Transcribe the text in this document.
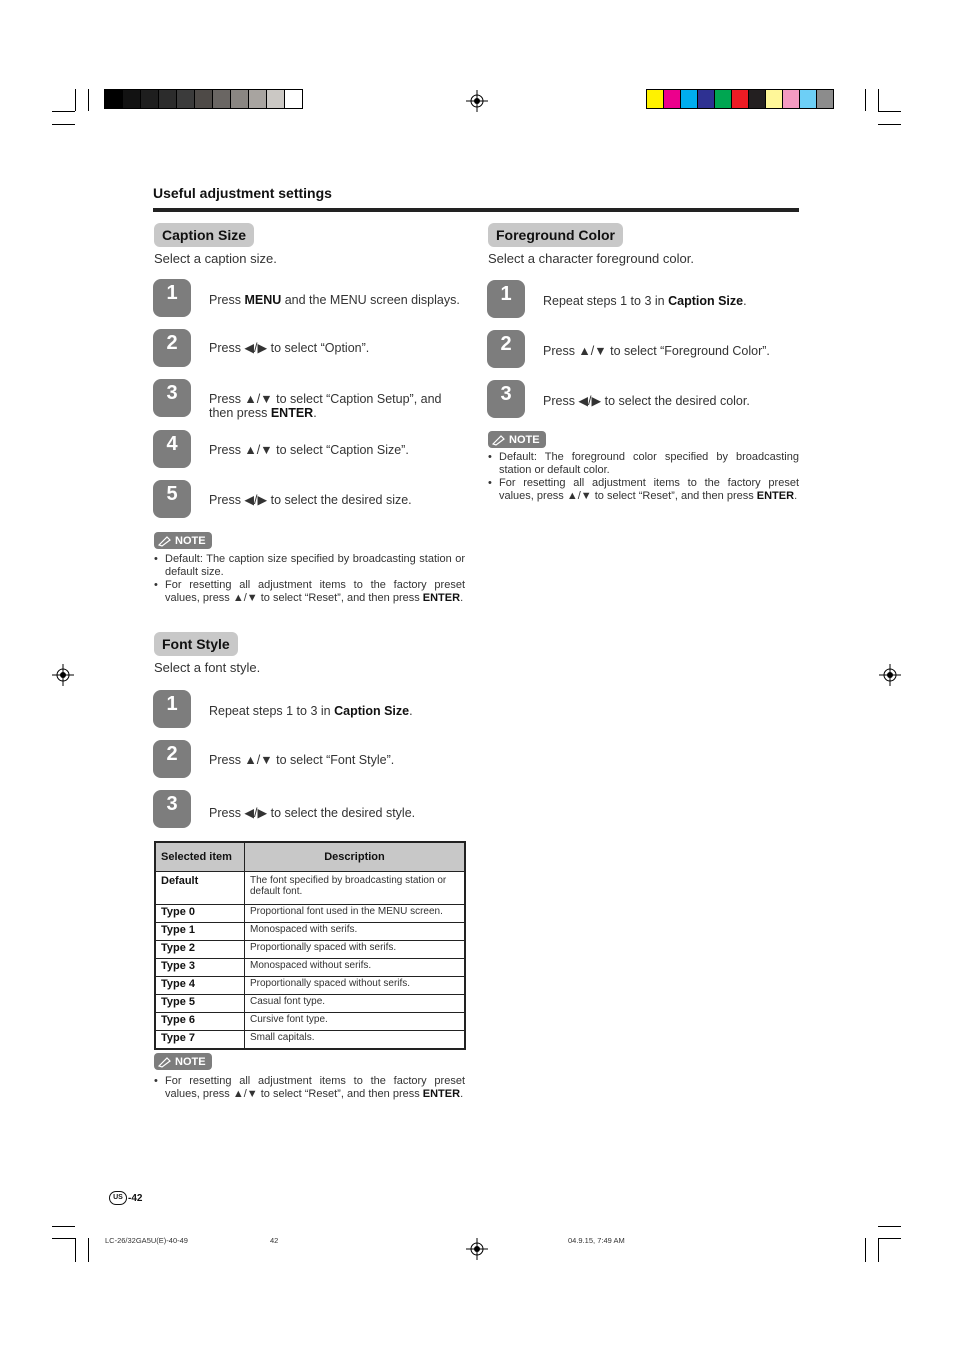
Useful adjustment settings
Caption Size
Select a caption size.
1	Press MENU and the MENU screen displays.
2	Press ◀/▶ to select “Option”.
3	Press ▲/▼ to select “Caption Setup”, and
then press ENTER.
4	Press ▲/▼ to select “Caption Size”.
5	Press ◀/▶ to select the desired size.
NOTE
• Default: The caption size specified by broadcasting station or default size.
• For resetting all adjustment items to the factory preset values, press ▲/▼ to select “Reset”, and then press ENTER.
Font Style
Select a font style.
1	Repeat steps 1 to 3 in Caption Size.
2	Press ▲/▼ to select “Font Style”.
3	Press ◀/▶ to select the desired style.
Selected item	Description
Default	The font specified by broadcasting station or default font.
Type 0	Proportional font used in the MENU screen.
Type 1	Monospaced with serifs.
Type 2	Proportionally spaced with serifs.
Type 3	Monospaced without serifs.
Type 4	Proportionally spaced without serifs.
Type 5	Casual font type.
Type 6	Cursive font type.
Type 7	Small capitals.
NOTE
• For resetting all adjustment items to the factory preset values, press ▲/▼ to select “Reset”, and then press ENTER.
Foreground Color
Select a character foreground color.
1	Repeat steps 1 to 3 in Caption Size.
2	Press ▲/▼ to select “Foreground Color”.
3	Press ◀/▶ to select the desired color.
NOTE
• Default: The foreground color specified by broadcasting station or default color.
• For resetting all adjustment items to the factory preset values, press ▲/▼ to select “Reset”, and then press ENTER.
US -42
LC-26/32GA5U(E)-40-49	42	04.9.15, 7:49 AM
